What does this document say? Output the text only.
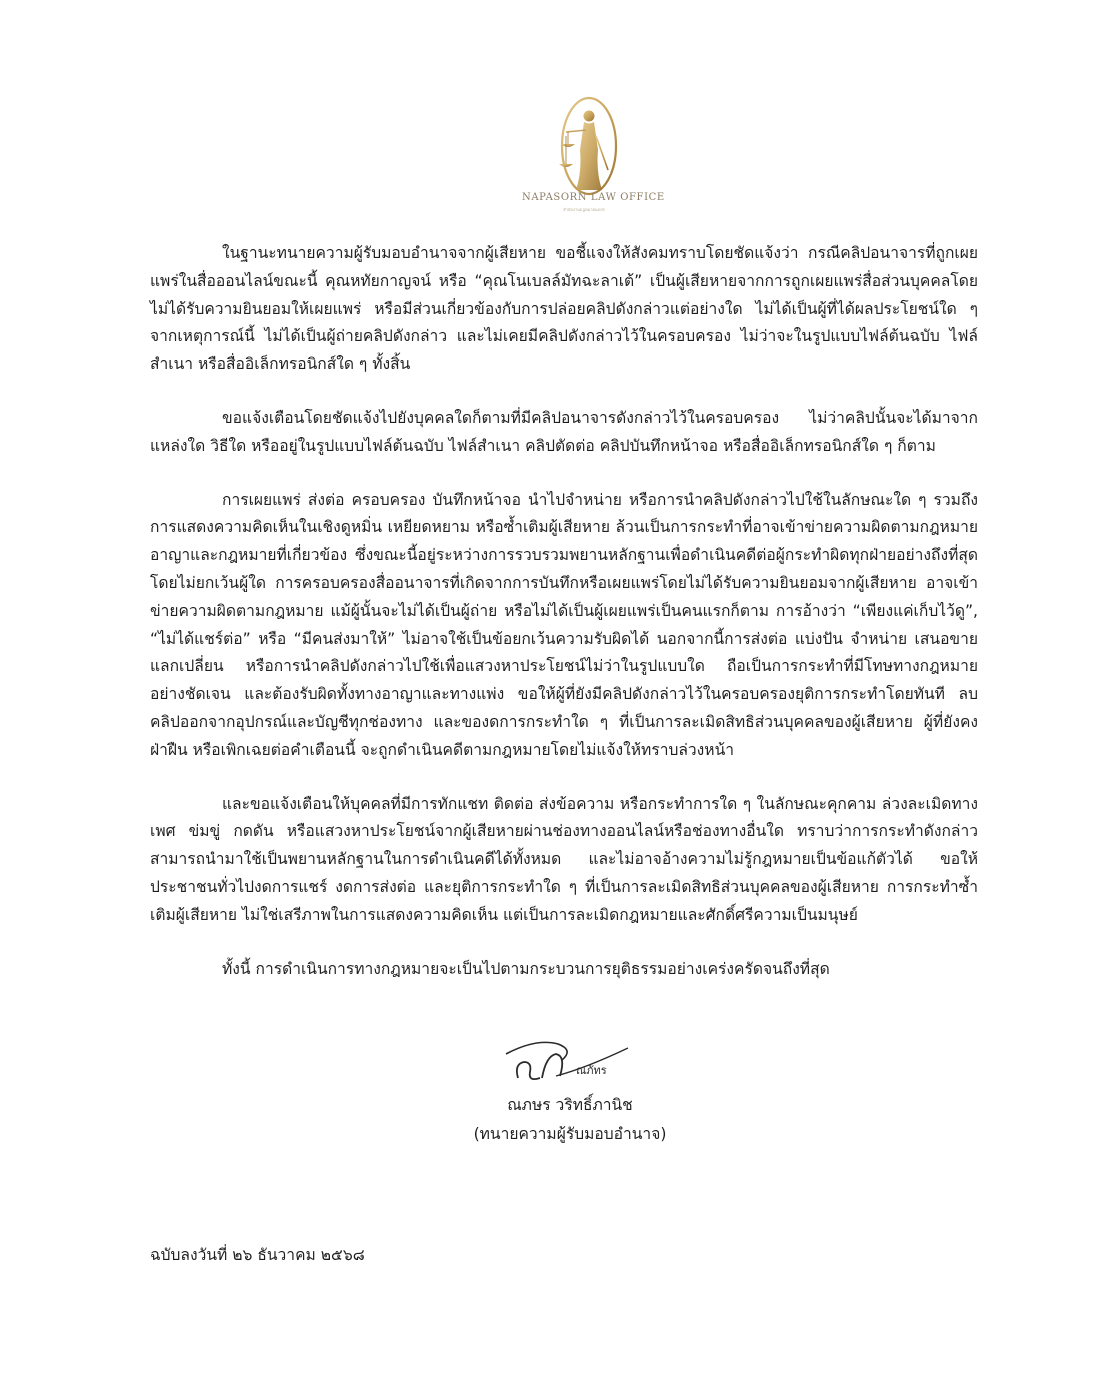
NAPASORN LAW OFFICE
สำนักงานกฎหมายนภสร

ในฐานะทนายความผู้รับมอบอำนาจจากผู้เสียหาย ขอชี้แจงให้สังคมทราบโดยชัดแจ้งว่า กรณีคลิปอนาจารที่ถูกเผยแพร่ในสื่อออนไลน์ขณะนี้ คุณหทัยกาญจน์ หรือ “คุณโนเบลล์มัทฉะลาเต้” เป็นผู้เสียหายจากการถูกเผยแพร่สื่อส่วนบุคคลโดยไม่ได้รับความยินยอมให้เผยแพร่ หรือมีส่วนเกี่ยวข้องกับการปล่อยคลิปดังกล่าวแต่อย่างใด ไม่ได้เป็นผู้ที่ได้ผลประโยชน์ใด ๆ จากเหตุการณ์นี้ ไม่ได้เป็นผู้ถ่ายคลิปดังกล่าว และไม่เคยมีคลิปดังกล่าวไว้ในครอบครอง ไม่ว่าจะในรูปแบบไฟล์ต้นฉบับ ไฟล์สำเนา หรือสื่ออิเล็กทรอนิกส์ใด ๆ ทั้งสิ้น

ขอแจ้งเตือนโดยชัดแจ้งไปยังบุคคลใดก็ตามที่มีคลิปอนาจารดังกล่าวไว้ในครอบครอง ไม่ว่าคลิปนั้นจะได้มาจากแหล่งใด วิธีใด หรืออยู่ในรูปแบบไฟล์ต้นฉบับ ไฟล์สำเนา คลิปตัดต่อ คลิปบันทึกหน้าจอ หรือสื่ออิเล็กทรอนิกส์ใด ๆ ก็ตาม

การเผยแพร่ ส่งต่อ ครอบครอง บันทึกหน้าจอ นำไปจำหน่าย หรือการนำคลิปดังกล่าวไปใช้ในลักษณะใด ๆ รวมถึงการแสดงความคิดเห็นในเชิงดูหมิ่น เหยียดหยาม หรือซ้ำเติมผู้เสียหาย ล้วนเป็นการกระทำที่อาจเข้าข่ายความผิดตามกฎหมายอาญาและกฎหมายที่เกี่ยวข้อง ซึ่งขณะนี้อยู่ระหว่างการรวบรวมพยานหลักฐานเพื่อดำเนินคดีต่อผู้กระทำผิดทุกฝ่ายอย่างถึงที่สุด โดยไม่ยกเว้นผู้ใด การครอบครองสื่ออนาจารที่เกิดจากการบันทึกหรือเผยแพร่โดยไม่ได้รับความยินยอมจากผู้เสียหาย อาจเข้าข่ายความผิดตามกฎหมาย แม้ผู้นั้นจะไม่ได้เป็นผู้ถ่าย หรือไม่ได้เป็นผู้เผยแพร่เป็นคนแรกก็ตาม การอ้างว่า “เพียงแค่เก็บไว้ดู”, “ไม่ได้แชร์ต่อ” หรือ “มีคนส่งมาให้” ไม่อาจใช้เป็นข้อยกเว้นความรับผิดได้ นอกจากนี้การส่งต่อ แบ่งปัน จำหน่าย เสนอขาย แลกเปลี่ยน หรือการนำคลิปดังกล่าวไปใช้เพื่อแสวงหาประโยชน์ไม่ว่าในรูปแบบใด ถือเป็นการกระทำที่มีโทษทางกฎหมายอย่างชัดเจน และต้องรับผิดทั้งทางอาญาและทางแพ่ง ขอให้ผู้ที่ยังมีคลิปดังกล่าวไว้ในครอบครองยุติการกระทำโดยทันที ลบคลิปออกจากอุปกรณ์และบัญชีทุกช่องทาง และของดการกระทำใด ๆ ที่เป็นการละเมิดสิทธิส่วนบุคคลของผู้เสียหาย ผู้ที่ยังคงฝ่าฝืน หรือเพิกเฉยต่อคำเตือนนี้ จะถูกดำเนินคดีตามกฎหมายโดยไม่แจ้งให้ทราบล่วงหน้า

และขอแจ้งเตือนให้บุคคลที่มีการทักแชท ติดต่อ ส่งข้อความ หรือกระทำการใด ๆ ในลักษณะคุกคาม ล่วงละเมิดทางเพศ ข่มขู่ กดดัน หรือแสวงหาประโยชน์จากผู้เสียหายผ่านช่องทางออนไลน์หรือช่องทางอื่นใด ทราบว่าการกระทำดังกล่าวสามารถนำมาใช้เป็นพยานหลักฐานในการดำเนินคดีได้ทั้งหมด และไม่อาจอ้างความไม่รู้กฎหมายเป็นข้อแก้ตัวได้ ขอให้ประชาชนทั่วไปงดการแชร์ งดการส่งต่อ และยุติการกระทำใด ๆ ที่เป็นการละเมิดสิทธิส่วนบุคคลของผู้เสียหาย การกระทำซ้ำเติมผู้เสียหาย ไม่ใช่เสรีภาพในการแสดงความคิดเห็น แต่เป็นการละเมิดกฎหมายและศักดิ์ศรีความเป็นมนุษย์

ทั้งนี้ การดำเนินการทางกฎหมายจะเป็นไปตามกระบวนการยุติธรรมอย่างเคร่งครัดจนถึงที่สุด

ณภัทร
ณภษร วริทธิ์ภานิช
(ทนายความผู้รับมอบอำนาจ)
ฉบับลงวันที่ ๒๖ ธันวาคม ๒๕๖๘
